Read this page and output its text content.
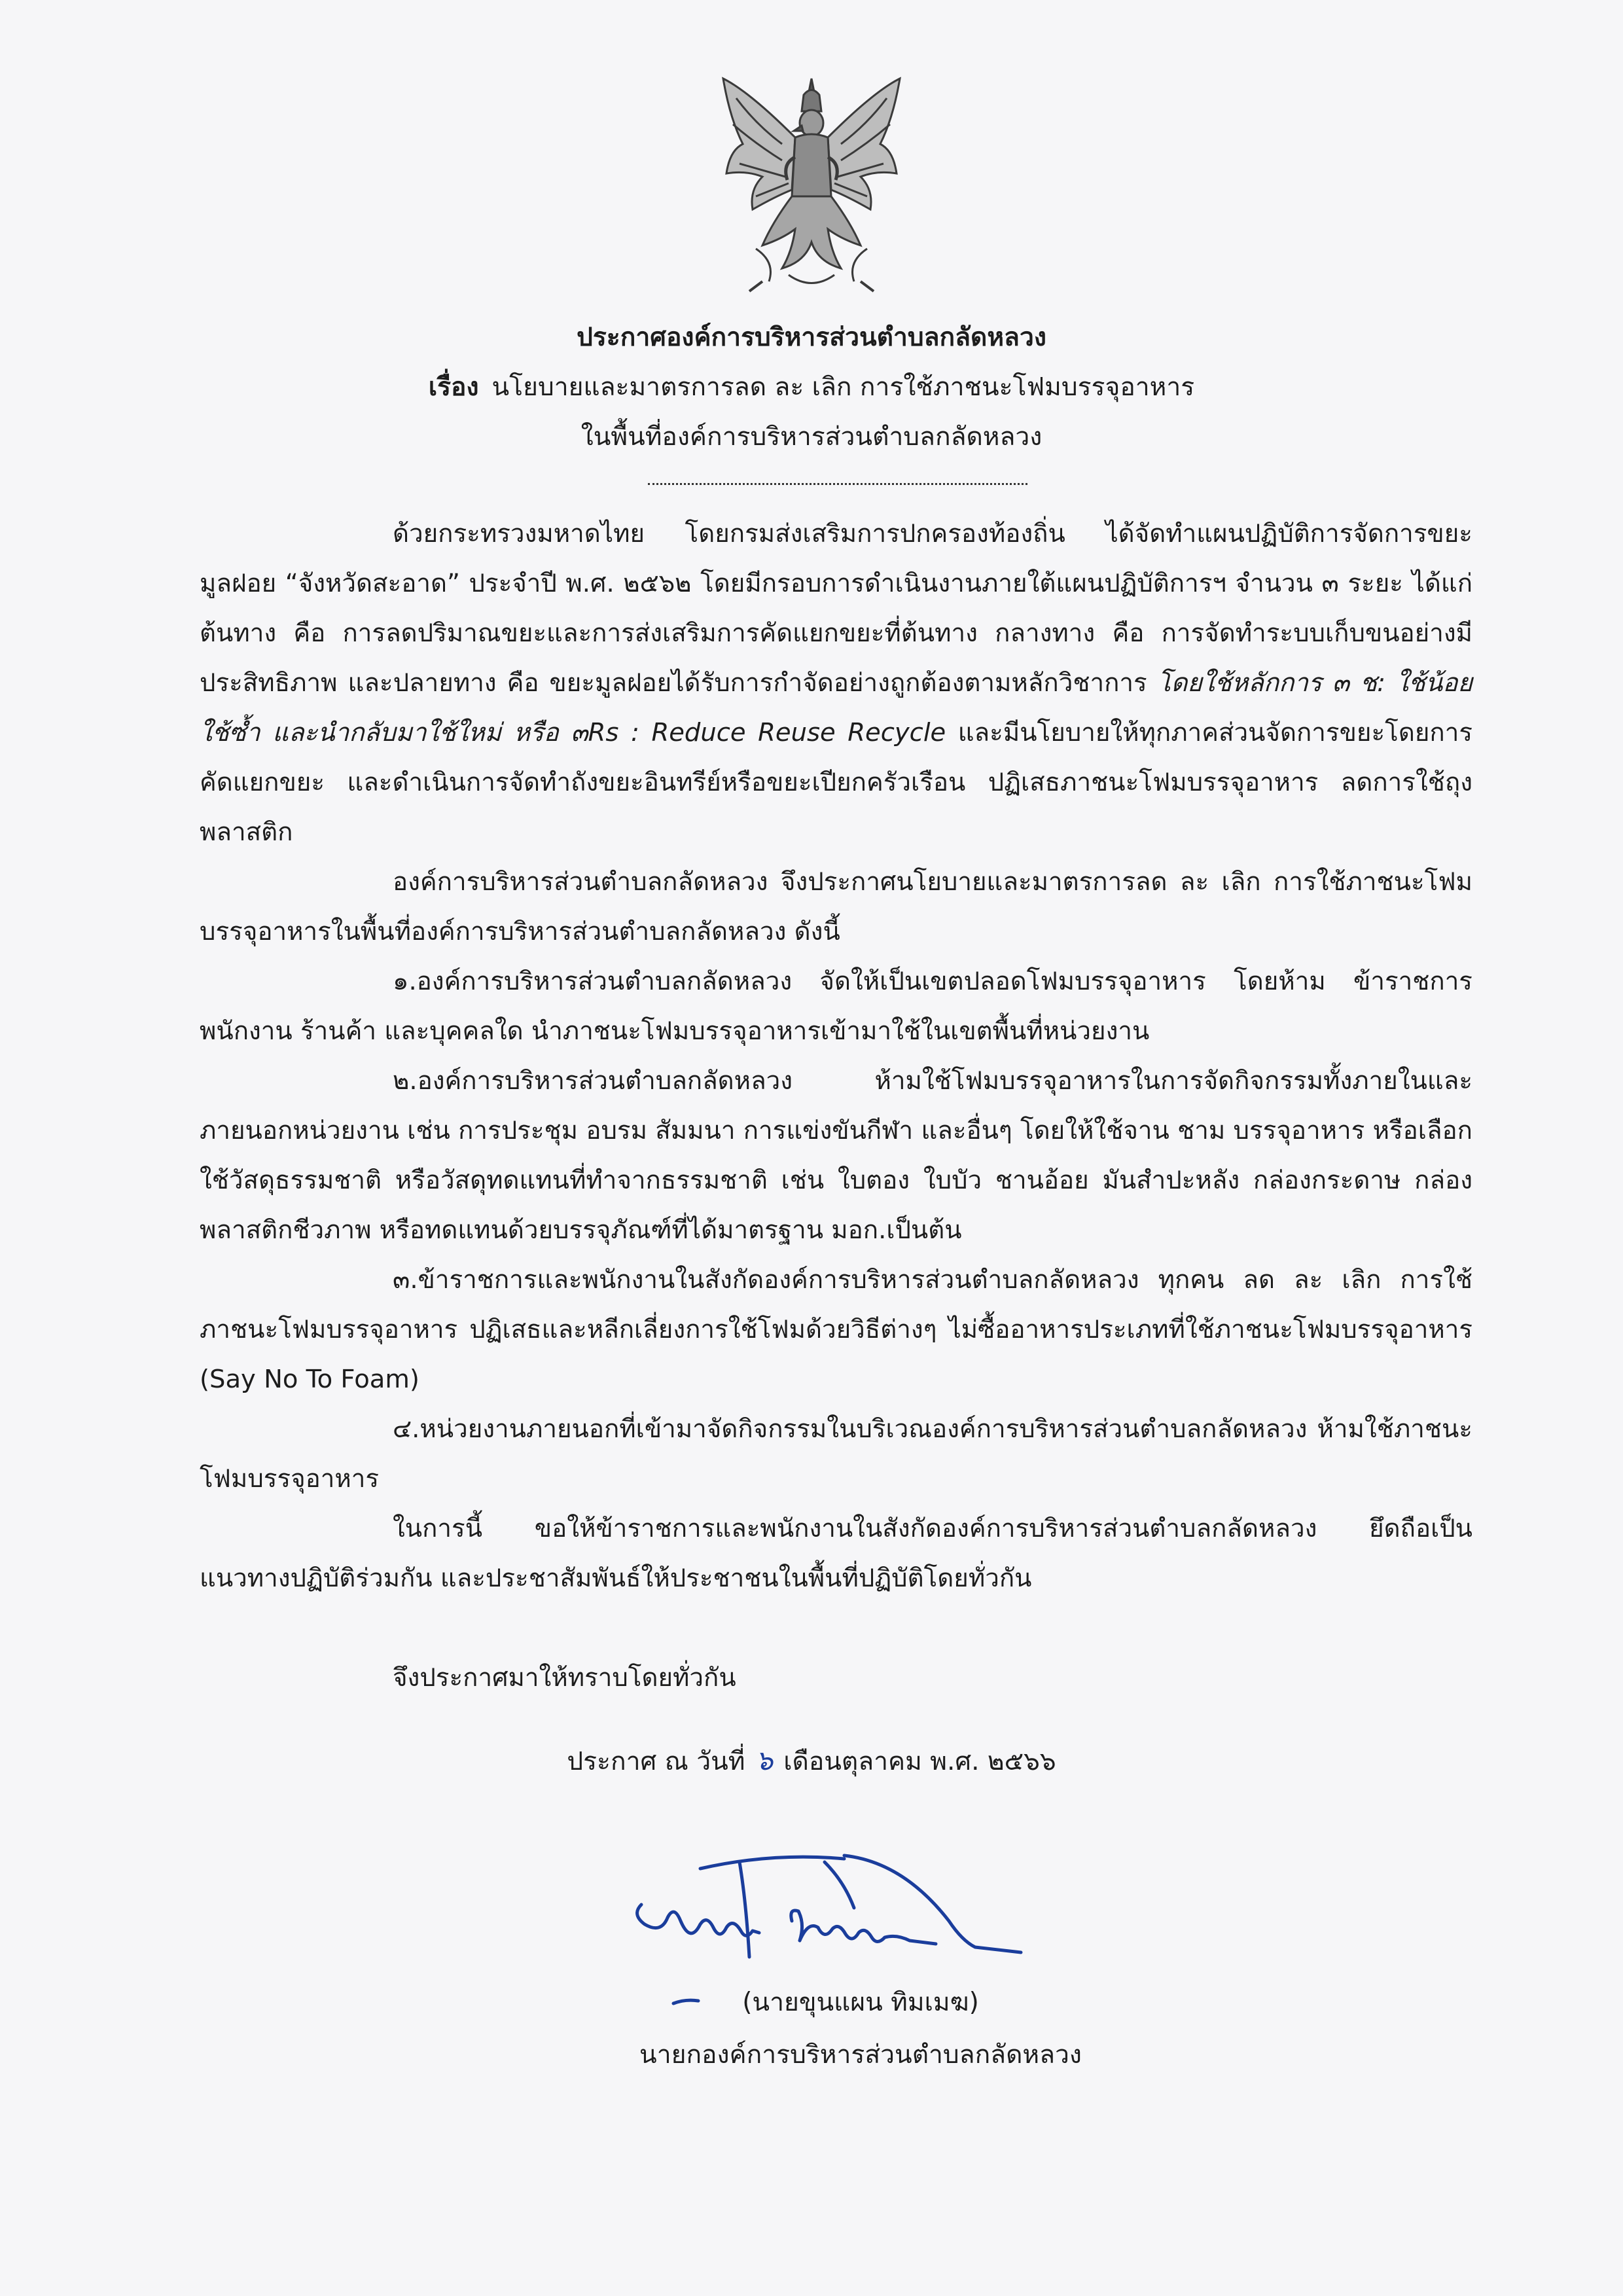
ประกาศองค์การบริหารส่วนตำบลกลัดหลวง
เรื่อง นโยบายและมาตรการลด ละ เลิก การใช้ภาชนะโฟมบรรจุอาหาร
ในพื้นที่องค์การบริหารส่วนตำบลกลัดหลวง

ด้วยกระทรวงมหาดไทย โดยกรมส่งเสริมการปกครองท้องถิ่น ได้จัดทำแผนปฏิบัติการจัดการขยะมูลฝอย “จังหวัดสะอาด” ประจำปี พ.ศ. ๒๕๖๒ โดยมีกรอบการดำเนินงานภายใต้แผนปฏิบัติการฯ จำนวน ๓ ระยะ ได้แก่ ต้นทาง คือ การลดปริมาณขยะและการส่งเสริมการคัดแยกขยะที่ต้นทาง กลางทาง คือ การจัดทำระบบเก็บขนอย่างมีประสิทธิภาพ และปลายทาง คือ ขยะมูลฝอยได้รับการกำจัดอย่างถูกต้องตามหลักวิชาการ โดยใช้หลักการ ๓ ช: ใช้น้อย ใช้ซ้ำ และนำกลับมาใช้ใหม่ หรือ ๓Rs : Reduce Reuse Recycle และมีนโยบายให้ทุกภาคส่วนจัดการขยะโดยการคัดแยกขยะ และดำเนินการจัดทำถังขยะอินทรีย์หรือขยะเปียกครัวเรือน ปฏิเสธภาชนะโฟมบรรจุอาหาร ลดการใช้ถุงพลาสติก

องค์การบริหารส่วนตำบลกลัดหลวง จึงประกาศนโยบายและมาตรการลด ละ เลิก การใช้ภาชนะโฟมบรรจุอาหารในพื้นที่องค์การบริหารส่วนตำบลกลัดหลวง ดังนี้

๑.องค์การบริหารส่วนตำบลกลัดหลวง จัดให้เป็นเขตปลอดโฟมบรรจุอาหาร โดยห้าม ข้าราชการ พนักงาน ร้านค้า และบุคคลใด นำภาชนะโฟมบรรจุอาหารเข้ามาใช้ในเขตพื้นที่หน่วยงาน

๒.องค์การบริหารส่วนตำบลกลัดหลวง ห้ามใช้โฟมบรรจุอาหารในการจัดกิจกรรมทั้งภายในและภายนอกหน่วยงาน เช่น การประชุม อบรม สัมมนา การแข่งขันกีฬา และอื่นๆ โดยให้ใช้จาน ชาม บรรจุอาหาร หรือเลือกใช้วัสดุธรรมชาติ หรือวัสดุทดแทนที่ทำจากธรรมชาติ เช่น ใบตอง ใบบัว ชานอ้อย มันสำปะหลัง กล่องกระดาษ กล่องพลาสติกชีวภาพ หรือทดแทนด้วยบรรจุภัณฑ์ที่ได้มาตรฐาน มอก.เป็นต้น

๓.ข้าราชการและพนักงานในสังกัดองค์การบริหารส่วนตำบลกลัดหลวง ทุกคน ลด ละ เลิก การใช้ภาชนะโฟมบรรจุอาหาร ปฏิเสธและหลีกเลี่ยงการใช้โฟมด้วยวิธีต่างๆ ไม่ซื้ออาหารประเภทที่ใช้ภาชนะโฟมบรรจุอาหาร (Say No To Foam)

๔.หน่วยงานภายนอกที่เข้ามาจัดกิจกรรมในบริเวณองค์การบริหารส่วนตำบลกลัดหลวง ห้ามใช้ภาชนะโฟมบรรจุอาหาร

ในการนี้ ขอให้ข้าราชการและพนักงานในสังกัดองค์การบริหารส่วนตำบลกลัดหลวง ยึดถือเป็นแนวทางปฏิบัติร่วมกัน และประชาสัมพันธ์ให้ประชาชนในพื้นที่ปฏิบัติโดยทั่วกัน

จึงประกาศมาให้ทราบโดยทั่วกัน

ประกาศ ณ วันที่ ๖ เดือนตุลาคม พ.ศ. ๒๕๖๖
(นายขุนแผน ทิมเมฆ)
นายกองค์การบริหารส่วนตำบลกลัดหลวง
